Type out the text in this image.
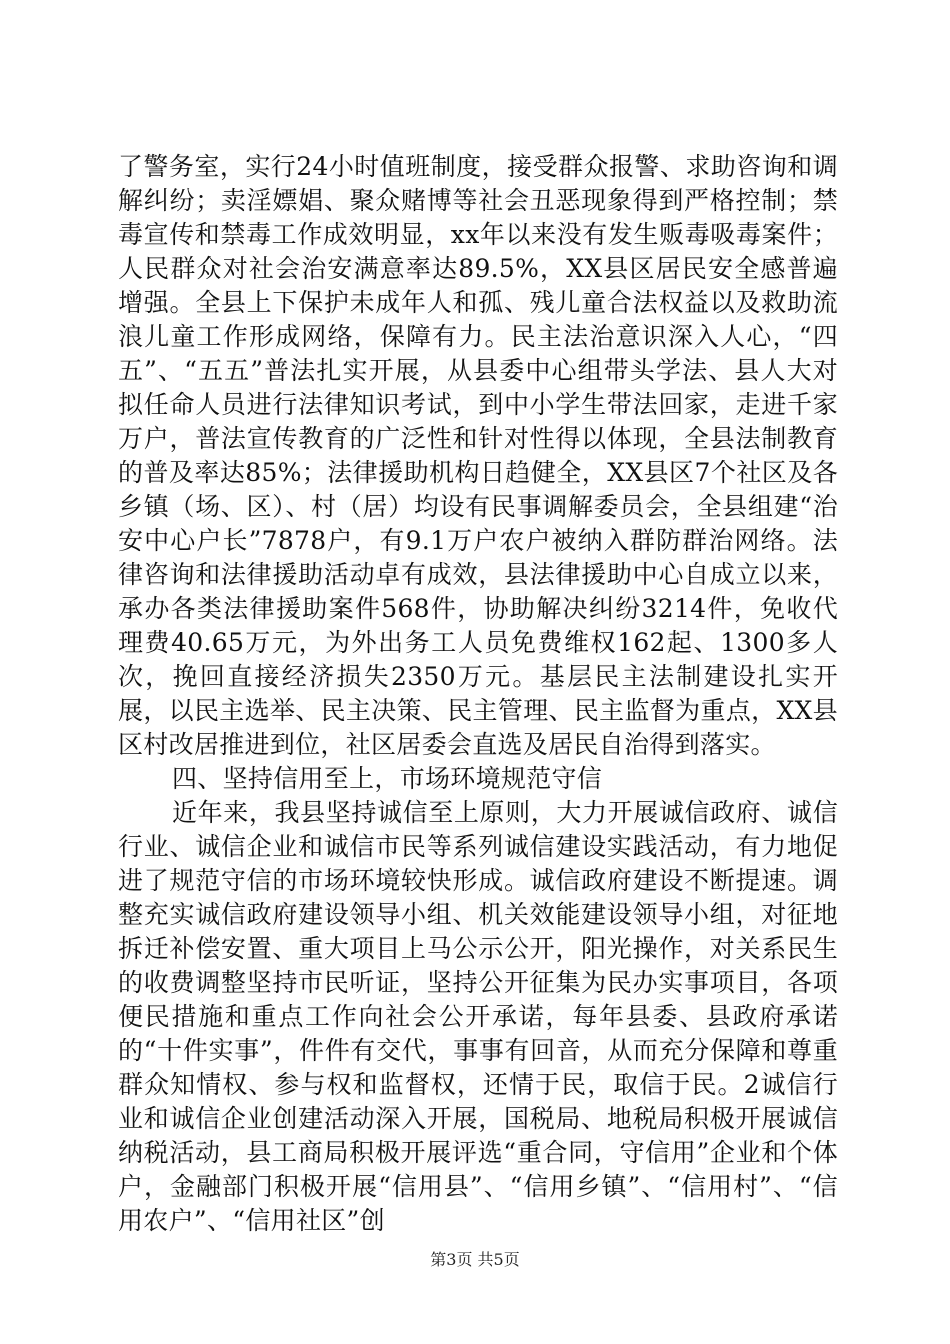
了警务室，实行24小时值班制度，接受群众报警、求助咨询和调解纠纷；卖淫嫖娼、聚众赌博等社会丑恶现象得到严格控制；禁毒宣传和禁毒工作成效明显，xx年以来没有发生贩毒吸毒案件；人民群众对社会治安满意率达89.5%，XX县区居民安全感普遍增强。全县上下保护未成年人和孤、残儿童合法权益以及救助流浪儿童工作形成网络，保障有力。民主法治意识深入人心，“四五”、“五五”普法扎实开展，从县委中心组带头学法、县人大对拟任命人员进行法律知识考试，到中小学生带法回家，走进千家万户，普法宣传教育的广泛性和针对性得以体现，全县法制教育的普及率达85%；法律援助机构日趋健全，XX县区7个社区及各乡镇（场、区）、村（居）均设有民事调解委员会，全县组建“治安中心户长”7878户，有9.1万户农户被纳入群防群治网络。法律咨询和法律援助活动卓有成效，县法律援助中心自成立以来，承办各类法律援助案件568件，协助解决纠纷3214件，免收代理费40.65万元，为外出务工人员免费维权162起、1300多人次，挽回直接经济损失2350万元。基层民主法制建设扎实开展，以民主选举、民主决策、民主管理、民主监督为重点，XX县区村改居推进到位，社区居委会直选及居民自治得到落实。

四、坚持信用至上，市场环境规范守信

近年来，我县坚持诚信至上原则，大力开展诚信政府、诚信行业、诚信企业和诚信市民等系列诚信建设实践活动，有力地促进了规范守信的市场环境较快形成。诚信政府建设不断提速。调整充实诚信政府建设领导小组、机关效能建设领导小组，对征地拆迁补偿安置、重大项目上马公示公开，阳光操作，对关系民生的收费调整坚持市民听证，坚持公开征集为民办实事项目，各项便民措施和重点工作向社会公开承诺，每年县委、县政府承诺的“十件实事”，件件有交代，事事有回音，从而充分保障和尊重群众知情权、参与权和监督权，还情于民，取信于民。2诚信行业和诚信企业创建活动深入开展，国税局、地税局积极开展诚信纳税活动，县工商局积极开展评选“重合同，守信用”企业和个体户，金融部门积极开展“信用县”、“信用乡镇”、“信用村”、“信用农户”、“信用社区”创

第3页 共5页
